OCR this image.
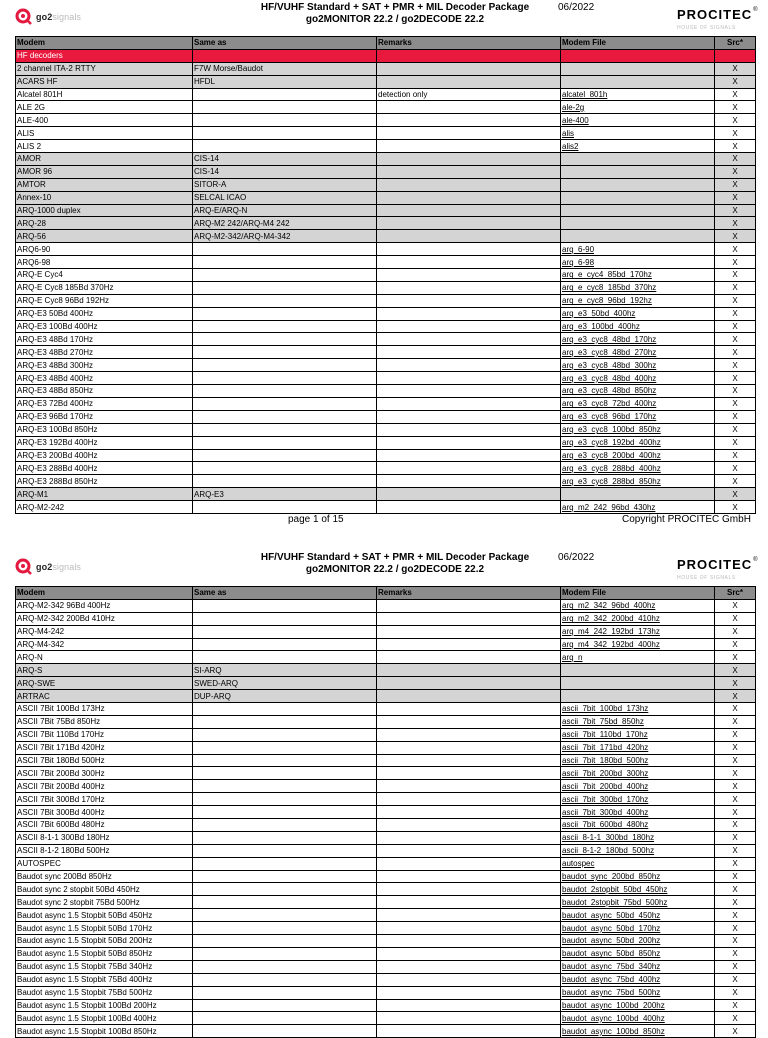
go2signals
HF/VUHF Standard + SAT + PMR + MIL Decoder Package
go2MONITOR 22.2 / go2DECODE 22.2
06/2022	PROCITEC®
HOUSE OF SIGNALS
Modem	Same as	Remarks	Modem File	Src*
HF decoders				
2 channel ITA-2 RTTY	F7W Morse/Baudot			X
ACARS HF	HFDL			X
Alcatel 801H		detection only	alcatel_801h	X
ALE 2G			ale-2g	X
ALE-400			ale-400	X
ALIS			alis	X
ALIS 2			alis2	X
AMOR	CIS-14			X
AMOR 96	CIS-14			X
AMTOR	SITOR-A			X
Annex-10	SELCAL ICAO			X
ARQ-1000 duplex	ARQ-E/ARQ-N			X
ARQ-28	ARQ-M2 242/ARQ-M4 242			X
ARQ-56	ARQ-M2-342/ARQ-M4-342			X
ARQ6-90			arq_6-90	X
ARQ6-98			arq_6-98	X
ARQ-E Cyc4			arq_e_cyc4_85bd_170hz	X
ARQ-E Cyc8 185Bd 370Hz			arq_e_cyc8_185bd_370hz	X
ARQ-E Cyc8 96Bd 192Hz			arq_e_cyc8_96bd_192hz	X
ARQ-E3 50Bd 400Hz			arq_e3_50bd_400hz	X
ARQ-E3 100Bd 400Hz			arq_e3_100bd_400hz	X
ARQ-E3 48Bd 170Hz			arq_e3_cyc8_48bd_170hz	X
ARQ-E3 48Bd 270Hz			arq_e3_cyc8_48bd_270hz	X
ARQ-E3 48Bd 300Hz			arq_e3_cyc8_48bd_300hz	X
ARQ-E3 48Bd 400Hz			arq_e3_cyc8_48bd_400hz	X
ARQ-E3 48Bd 850Hz			arq_e3_cyc8_48bd_850hz	X
ARQ-E3 72Bd 400Hz			arq_e3_cyc8_72bd_400hz	X
ARQ-E3 96Bd 170Hz			arq_e3_cyc8_96bd_170hz	X
ARQ-E3 100Bd 850Hz			arq_e3_cyc8_100bd_850hz	X
ARQ-E3 192Bd 400Hz			arq_e3_cyc8_192bd_400hz	X
ARQ-E3 200Bd 400Hz			arq_e3_cyc8_200bd_400hz	X
ARQ-E3 288Bd 400Hz			arq_e3_cyc8_288bd_400hz	X
ARQ-E3 288Bd 850Hz			arq_e3_cyc8_288bd_850hz	X
ARQ-M1	ARQ-E3			X
ARQ-M2-242			arq_m2_242_96bd_430hz	X
page 1 of 15	Copyright PROCITEC GmbH
go2signals
HF/VUHF Standard + SAT + PMR + MIL Decoder Package
go2MONITOR 22.2 / go2DECODE 22.2
06/2022	PROCITEC®
HOUSE OF SIGNALS
Modem	Same as	Remarks	Modem File	Src*
ARQ-M2-342 96Bd 400Hz			arq_m2_342_96bd_400hz	X
ARQ-M2-342 200Bd 410Hz			arq_m2_342_200bd_410hz	X
ARQ-M4-242			arq_m4_242_192bd_173hz	X
ARQ-M4-342			arq_m4_342_192bd_400hz	X
ARQ-N			arq_n	X
ARQ-S	SI-ARQ			X
ARQ-SWE	SWED-ARQ			X
ARTRAC	DUP-ARQ			X
ASCII 7Bit 100Bd 173Hz			ascii_7bit_100bd_173hz	X
ASCII 7Bit 75Bd 850Hz			ascii_7bit_75bd_850hz	X
ASCII 7Bit 110Bd 170Hz			ascii_7bit_110bd_170hz	X
ASCII 7Bit 171Bd 420Hz			ascii_7bit_171bd_420hz	X
ASCII 7Bit 180Bd 500Hz			ascii_7bit_180bd_500hz	X
ASCII 7Bit 200Bd 300Hz			ascii_7bit_200bd_300hz	X
ASCII 7Bit 200Bd 400Hz			ascii_7bit_200bd_400hz	X
ASCII 7Bit 300Bd 170Hz			ascii_7bit_300bd_170hz	X
ASCII 7Bit 300Bd 400Hz			ascii_7bit_300bd_400hz	X
ASCII 7Bit 600Bd 480Hz			ascii_7bit_600bd_480hz	X
ASCII 8-1-1 300Bd 180Hz			ascii_8-1-1_300bd_180hz	X
ASCII 8-1-2 180Bd 500Hz			ascii_8-1-2_180bd_500hz	X
AUTOSPEC			autospec	X
Baudot sync 200Bd 850Hz			baudot_sync_200bd_850hz	X
Baudot sync 2 stopbit 50Bd 450Hz			baudot_2stopbit_50bd_450hz	X
Baudot sync 2 stopbit 75Bd 500Hz			baudot_2stopbit_75bd_500hz	X
Baudot async 1.5 Stopbit 50Bd 450Hz			baudot_async_50bd_450hz	X
Baudot async 1.5 Stopbit 50Bd 170Hz			baudot_async_50bd_170hz	X
Baudot async 1.5 Stopbit 50Bd 200Hz			baudot_async_50bd_200hz	X
Baudot async 1.5 Stopbit 50Bd 850Hz			baudot_async_50bd_850hz	X
Baudot async 1.5 Stopbit 75Bd 340Hz			baudot_async_75bd_340hz	X
Baudot async 1.5 Stopbit 75Bd 400Hz			baudot_async_75bd_400hz	X
Baudot async 1.5 Stopbit 75Bd 500Hz			baudot_async_75bd_500hz	X
Baudot async 1.5 Stopbit 100Bd 200Hz			baudot_async_100bd_200hz	X
Baudot async 1.5 Stopbit 100Bd 400Hz			baudot_async_100bd_400hz	X
Baudot async 1.5 Stopbit 100Bd 850Hz			baudot_async_100bd_850hz	X
